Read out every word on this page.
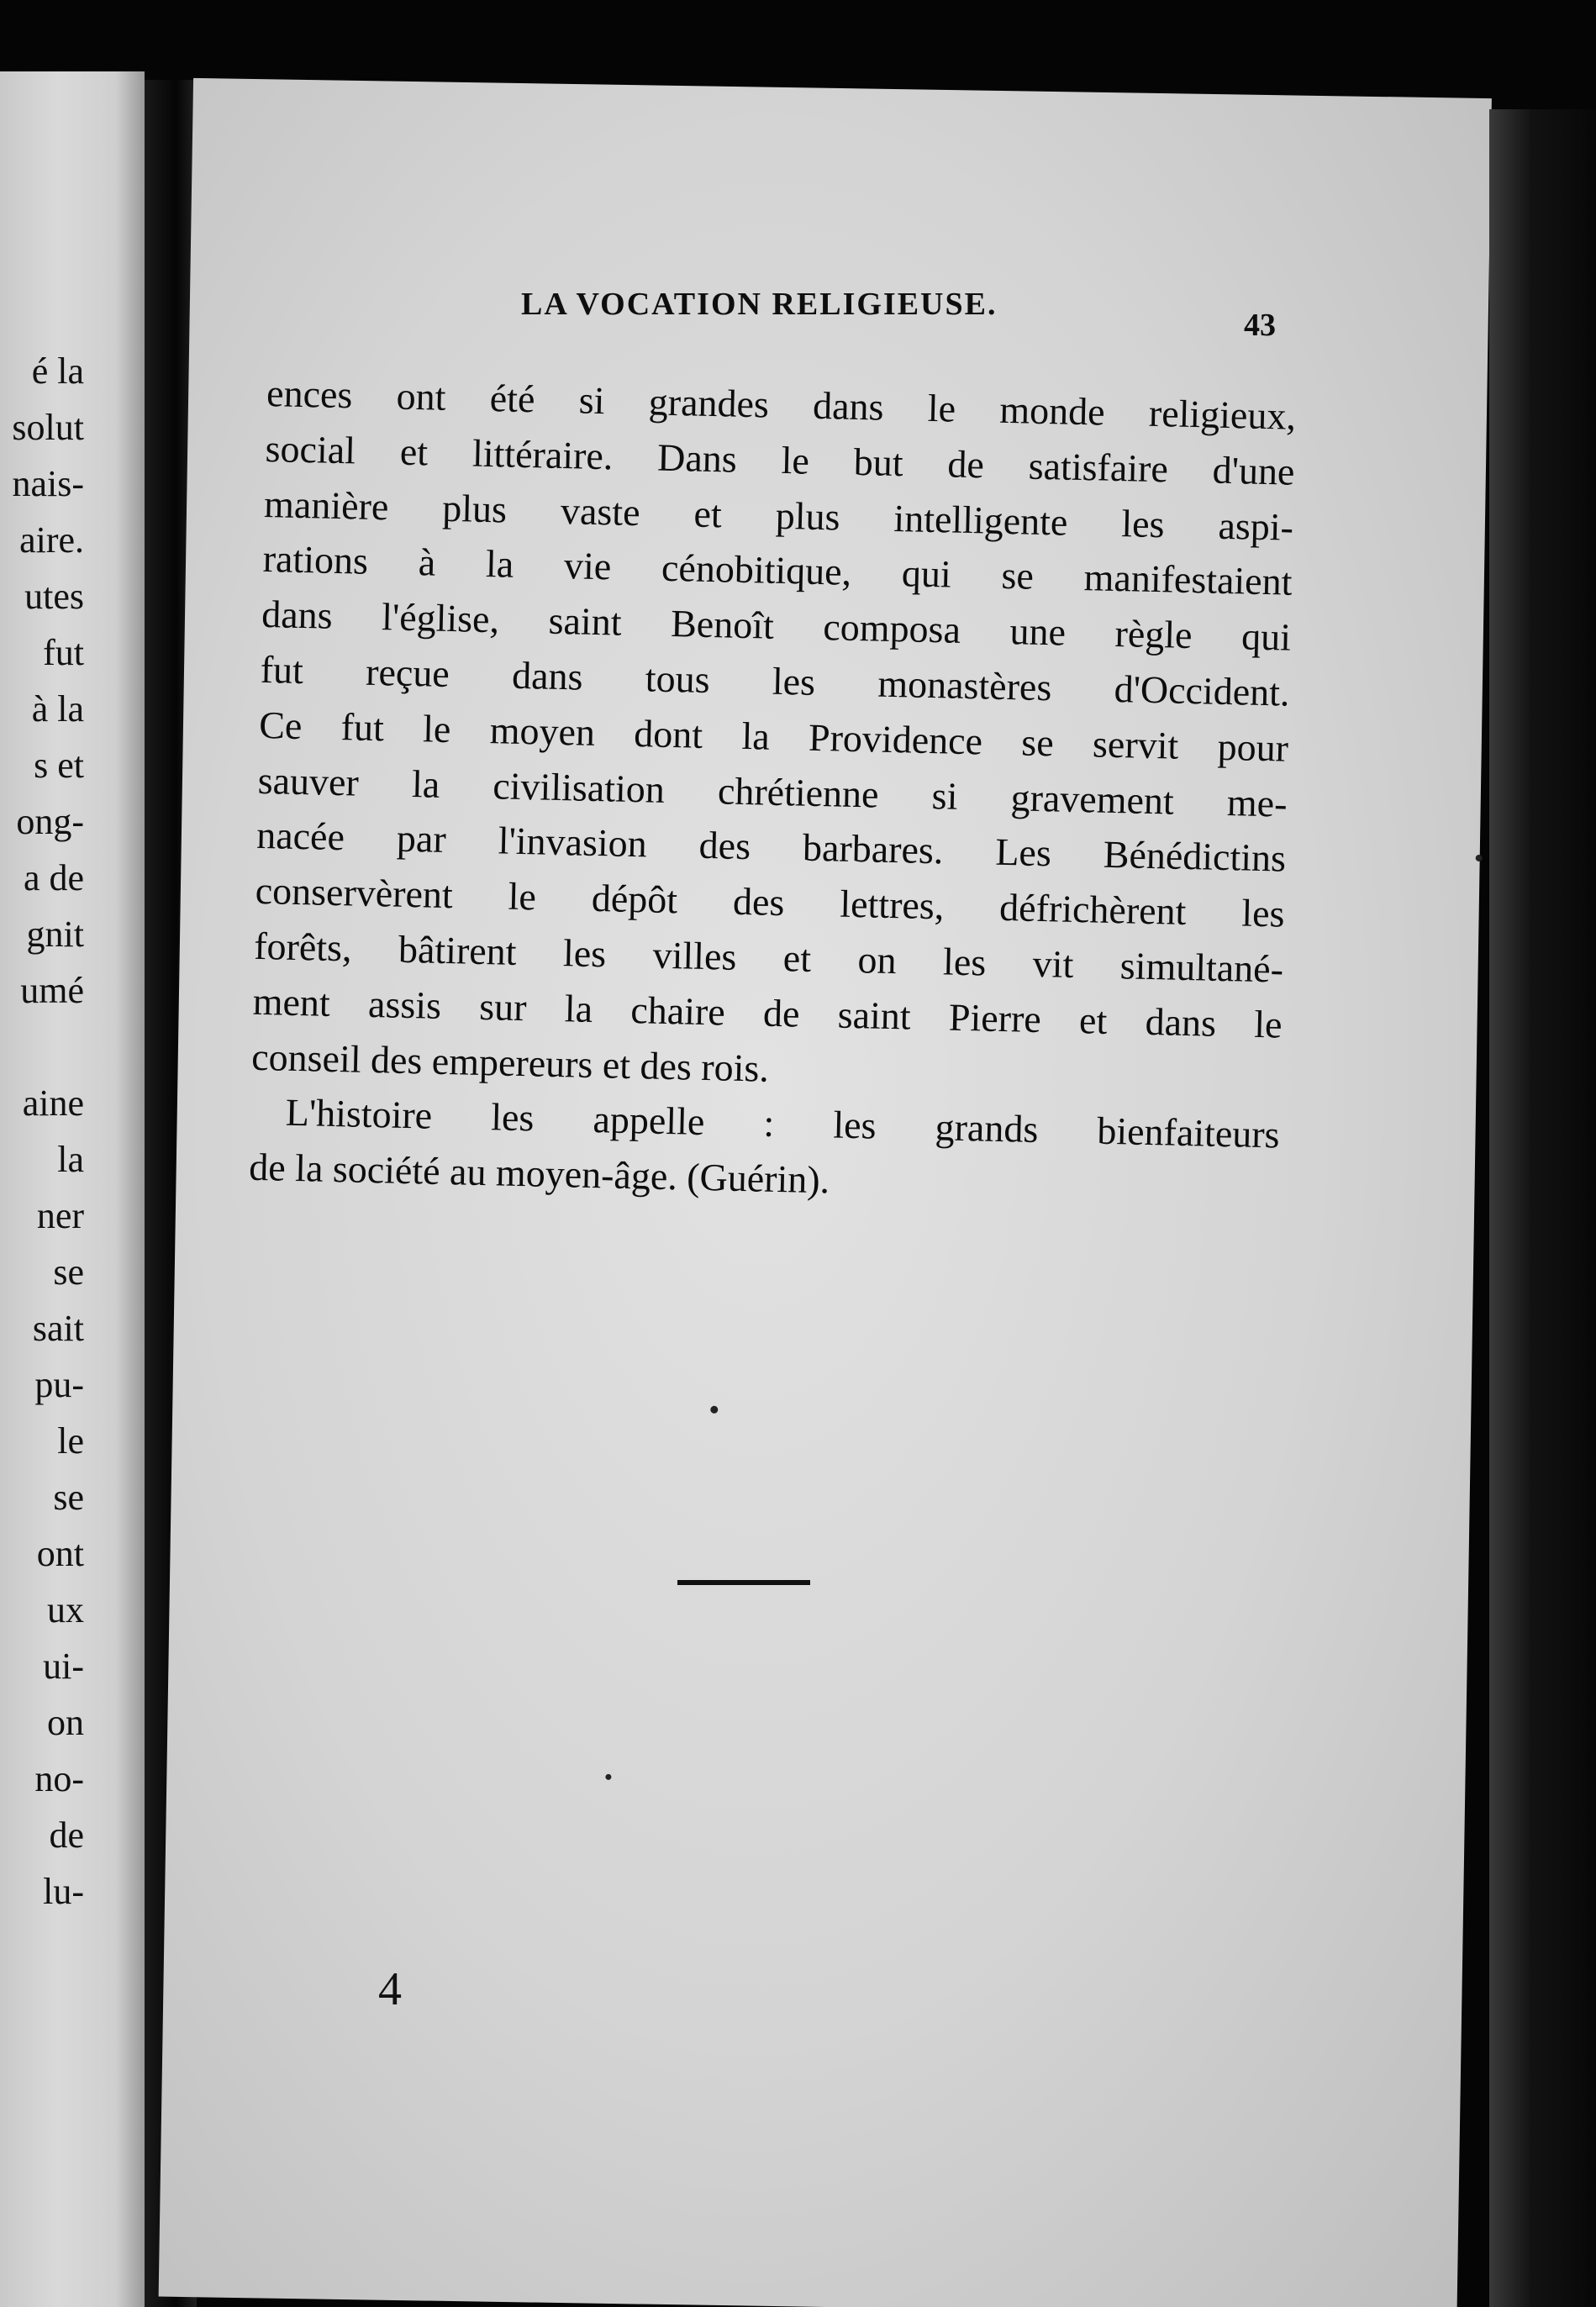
é la

solut

nais-

aire.

utes

fut

à la

s et

ong-

a de

gnit

umé

aine

la

ner

se

sait

pu-

le

se

ont

ux

ui-

on

no-

de

lu-

LA VOCATION RELIGIEUSE.
43

ences ont été si grandes dans le monde religieux,

social et littéraire. Dans le but de satisfaire d'une

manière plus vaste et plus intelligente les aspi-

rations à la vie cénobitique, qui se manifestaient

dans l'église, saint Benoît composa une règle qui

fut reçue dans tous les monastères d'Occident.

Ce fut le moyen dont la Providence se servit pour

sauver la civilisation chrétienne si gravement me-

nacée par l'invasion des barbares. Les Bénédictins

conservèrent le dépôt des lettres, défrichèrent les

forêts, bâtirent les villes et on les vit simultané-

ment assis sur la chaire de saint Pierre et dans le

conseil des empereurs et des rois.

L'histoire les appelle : les grands bienfaiteurs

de la société au moyen-âge. (Guérin).

4
